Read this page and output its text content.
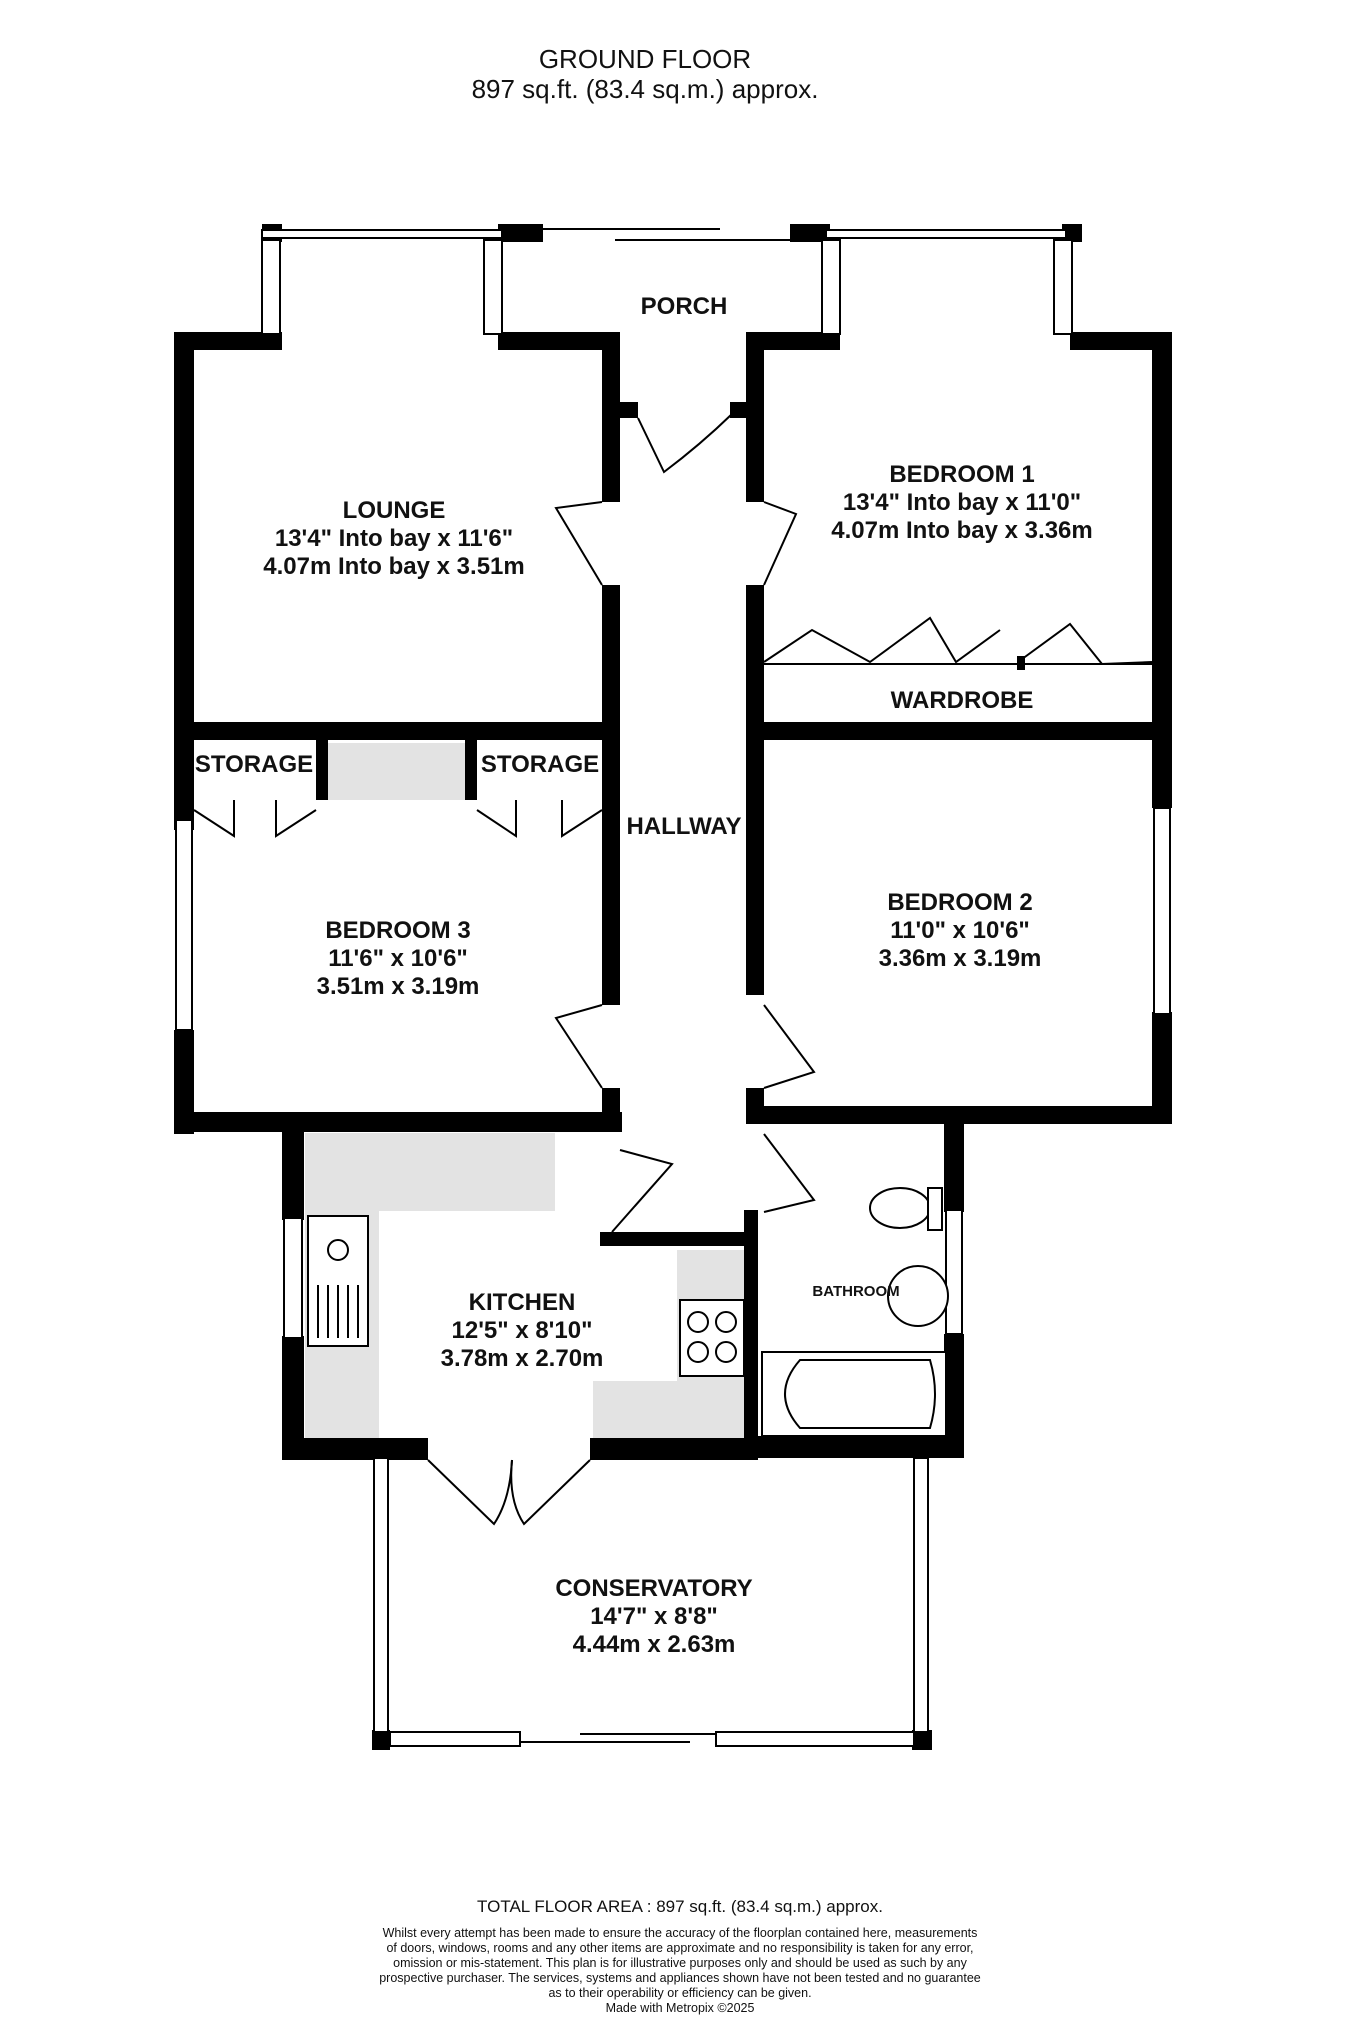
GROUND FLOOR
897 sq.ft. (83.4 sq.m.) approx.
PORCH
LOUNGE
13'4" Into bay x 11'6"
4.07m Into bay x 3.51m
BEDROOM 1
13'4" Into bay x 11'0"
4.07m Into bay x 3.36m
WARDROBE
STORAGE	STORAGE
HALLWAY
BEDROOM 3
11'6" x 10'6"
3.51m x 3.19m
BEDROOM 2
11'0" x 10'6"
3.36m x 3.19m
KITCHEN
12'5" x 8'10"
3.78m x 2.70m
BATHROOM
CONSERVATORY
14'7" x 8'8"
4.44m x 2.63m
TOTAL FLOOR AREA : 897 sq.ft. (83.4 sq.m.) approx.
Whilst every attempt has been made to ensure the accuracy of the floorplan contained here, measurements
of doors, windows, rooms and any other items are approximate and no responsibility is taken for any error,
omission or mis-statement. This plan is for illustrative purposes only and should be used as such by any
prospective purchaser. The services, systems and appliances shown have not been tested and no guarantee
as to their operability or efficiency can be given.
Made with Metropix ©2025
